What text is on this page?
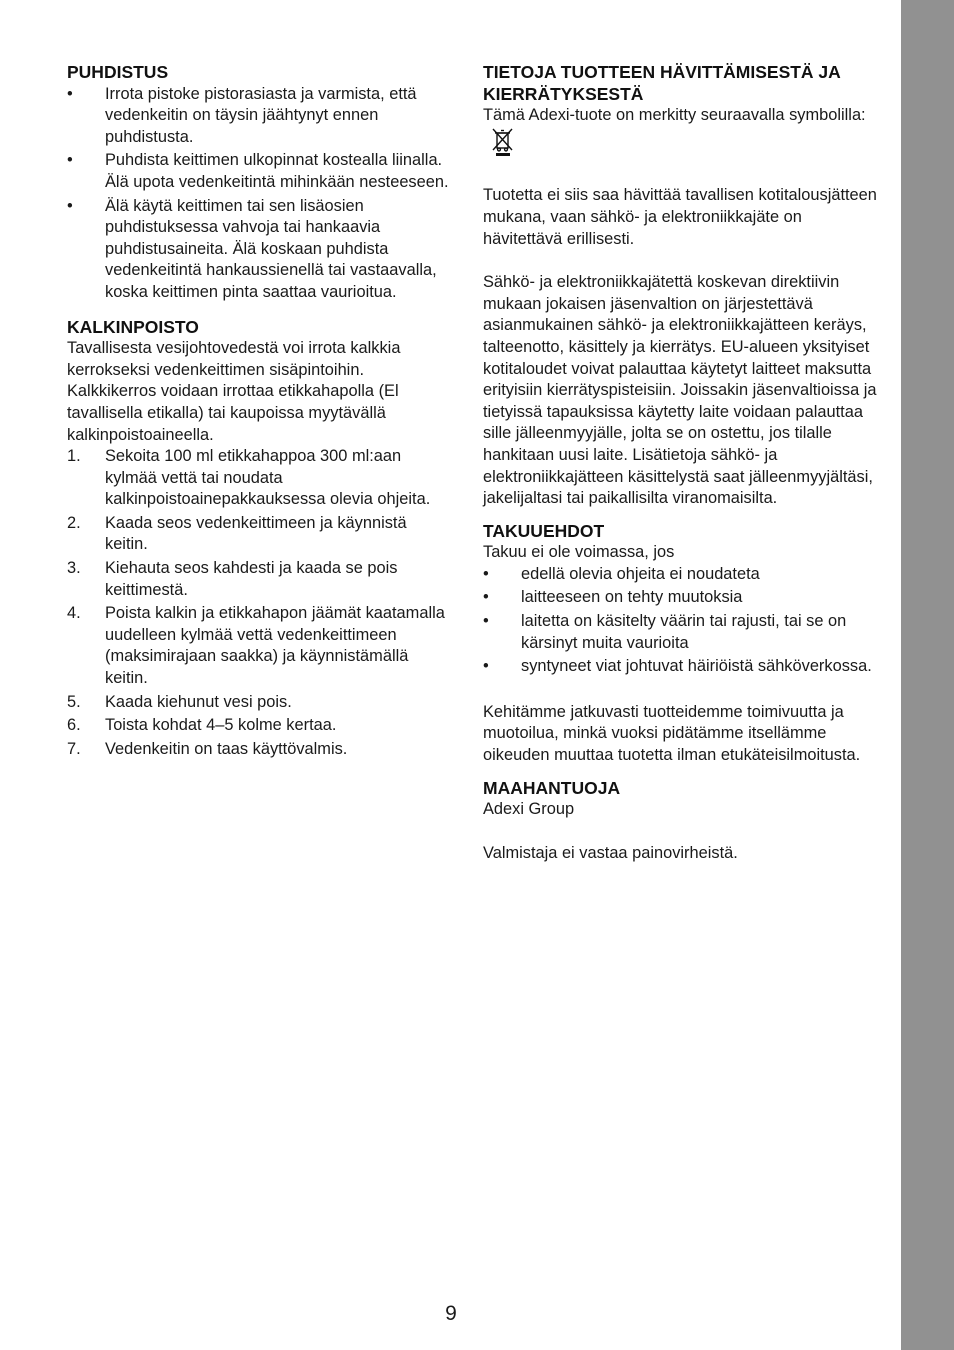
PUHDISTUS
• Irrota pistoke pistorasiasta ja varmista, että vedenkeitin on täysin jäähtynyt ennen puhdistusta.
• Puhdista keittimen ulkopinnat kostealla liinalla. Älä upota vedenkeitintä mihinkään nesteeseen.
• Älä käytä keittimen tai sen lisäosien puhdistuksessa vahvoja tai hankaavia puhdistusaineita. Älä koskaan puhdista vedenkeitintä hankaussienellä tai vastaavalla, koska keittimen pinta saattaa vaurioitua.
KALKINPOISTO

Tavallisesta vesijohtovedestä voi irrota kalkkia kerrokseksi vedenkeittimen sisäpintoihin. Kalkkikerros voidaan irrottaa etikkahapolla (El tavallisella etikalla) tai kaupoissa myytävällä kalkinpoistoaineella.

1. Sekoita 100 ml etikkahappoa 300 ml:aan kylmää vettä tai noudata kalkinpoistoainepakkauksessa olevia ohjeita.
2. Kaada seos vedenkeittimeen ja käynnistä keitin.
3. Kiehauta seos kahdesti ja kaada se pois keittimestä.
4. Poista kalkin ja etikkahapon jäämät kaatamalla uudelleen kylmää vettä vedenkeittimeen (maksimirajaan saakka) ja käynnistämällä keitin.
5. Kaada kiehunut vesi pois.
6. Toista kohdat 4–5 kolme kertaa.
7. Vedenkeitin on taas käyttövalmis.
TIETOJA TUOTTEEN HÄVITTÄMISESTÄ JA KIERRÄTYKSESTÄ

Tämä Adexi-tuote on merkitty seuraavalla symbolilla:

Tuotetta ei siis saa hävittää tavallisen kotitalousjätteen mukana, vaan sähkö- ja elektroniikkajäte on hävitettävä erillisesti.

Sähkö- ja elektroniikkajätettä koskevan direktiivin mukaan jokaisen jäsenvaltion on järjestettävä asianmukainen sähkö- ja elektroniikkajätteen keräys, talteenotto, käsittely ja kierrätys. EU-alueen yksityiset kotitaloudet voivat palauttaa käytetyt laitteet maksutta erityisiin kierrätyspisteisiin. Joissakin jäsenvaltioissa ja tietyissä tapauksissa käytetty laite voidaan palauttaa sille jälleenmyyjälle, jolta se on ostettu, jos tilalle hankitaan uusi laite. Lisätietoja sähkö- ja elektroniikkajätteen käsittelystä saat jälleenmyyjältäsi, jakelijaltasi tai paikallisilta viranomaisilta.

TAKUUEHDOT

Takuu ei ole voimassa, jos

• edellä olevia ohjeita ei noudateta
• laitteeseen on tehty muutoksia
• laitetta on käsitelty väärin tai rajusti, tai se on kärsinyt muita vaurioita
• syntyneet viat johtuvat häiriöistä sähköverkossa.

Kehitämme jatkuvasti tuotteidemme toimivuutta ja muotoilua, minkä vuoksi pidätämme itsellämme oikeuden muuttaa tuotetta ilman etukäteisilmoitusta.

MAAHANTUOJA

Adexi Group

Valmistaja ei vastaa painovirheistä.

9
